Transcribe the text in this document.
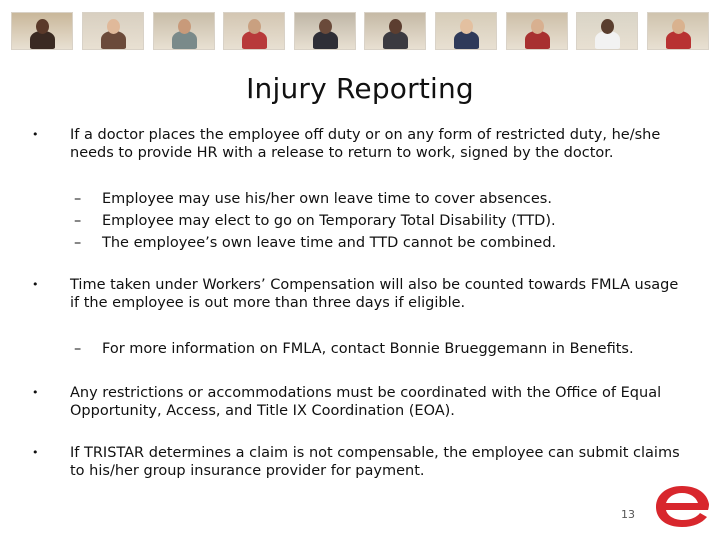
Injury Reporting
• If a doctor places the employee off duty or on any form of restricted duty, he/she needs to provide HR with a release to return to work, signed by the doctor.
– Employee may use his/her own leave time to cover absences.
– Employee may elect to go on Temporary Total Disability (TTD).
– The employee’s own leave time and TTD cannot be combined.
• Time taken under Workers’ Compensation will also be counted towards FMLA usage if the employee is out more than three days if eligible.
– For more information on FMLA, contact Bonnie Brueggemann in Benefits.
• Any restrictions or accommodations must be coordinated with the Office of Equal Opportunity, Access, and Title IX Coordination (EOA).
• If TRISTAR determines a claim is not compensable, the employee can submit claims to his/her group insurance provider for payment.
13
